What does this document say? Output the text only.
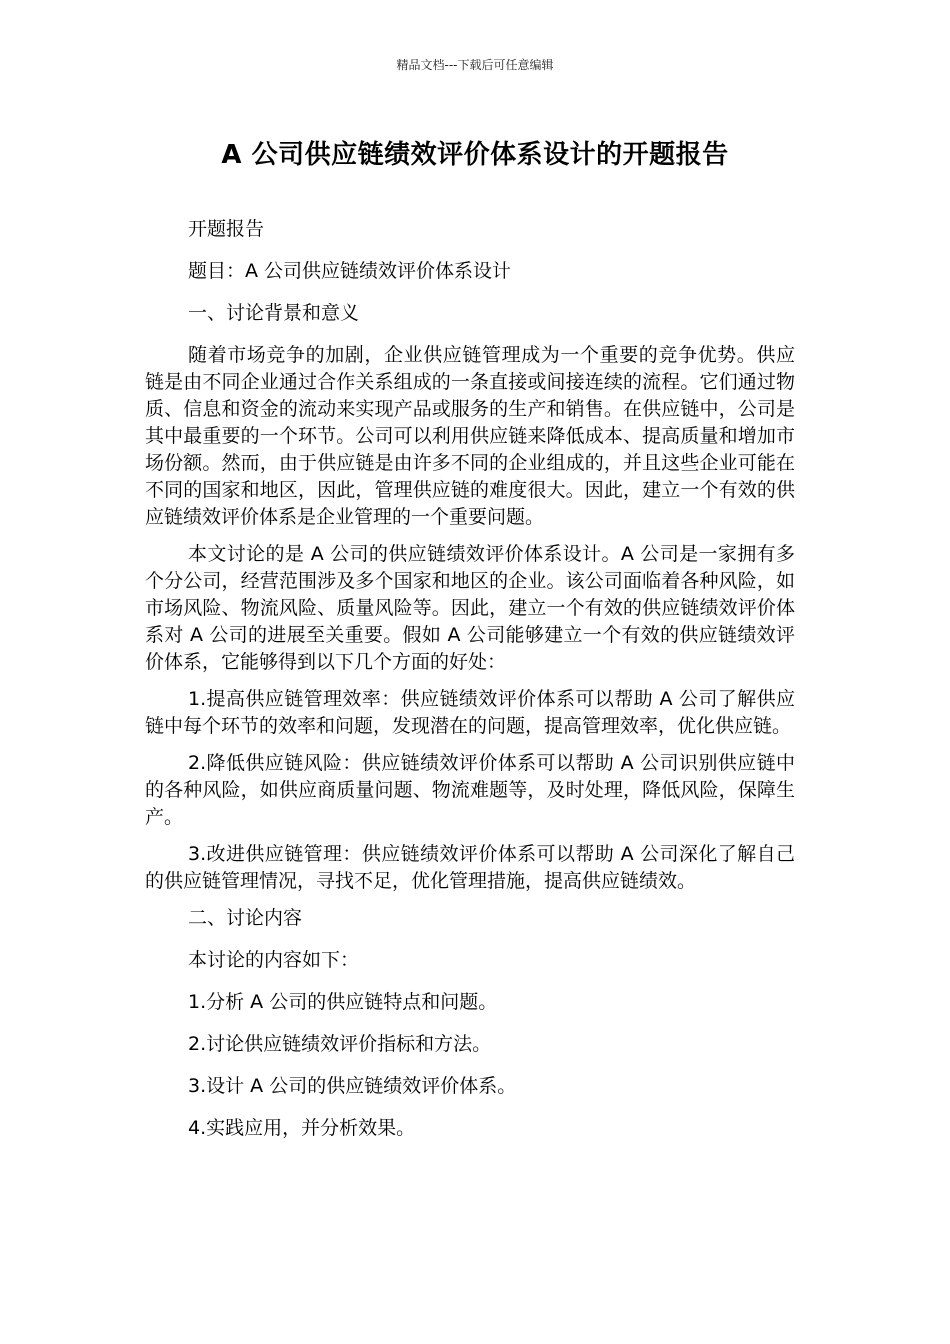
精品文档---下载后可任意编辑
A 公司供应链绩效评价体系设计的开题报告

开题报告

题目：A 公司供应链绩效评价体系设计

一、讨论背景和意义

随着市场竞争的加剧，企业供应链管理成为一个重要的竞争优势。供应链是由不同企业通过合作关系组成的一条直接或间接连续的流程。它们通过物质、信息和资金的流动来实现产品或服务的生产和销售。在供应链中，公司是其中最重要的一个环节。公司可以利用供应链来降低成本、提高质量和增加市场份额。然而，由于供应链是由许多不同的企业组成的，并且这些企业可能在不同的国家和地区，因此，管理供应链的难度很大。因此，建立一个有效的供应链绩效评价体系是企业管理的一个重要问题。

本文讨论的是 A 公司的供应链绩效评价体系设计。A 公司是一家拥有多个分公司，经营范围涉及多个国家和地区的企业。该公司面临着各种风险，如市场风险、物流风险、质量风险等。因此，建立一个有效的供应链绩效评价体系对 A 公司的进展至关重要。假如 A 公司能够建立一个有效的供应链绩效评价体系，它能够得到以下几个方面的好处：

1.提高供应链管理效率：供应链绩效评价体系可以帮助 A 公司了解供应链中每个环节的效率和问题，发现潜在的问题，提高管理效率，优化供应链。

2.降低供应链风险：供应链绩效评价体系可以帮助 A 公司识别供应链中的各种风险，如供应商质量问题、物流难题等，及时处理，降低风险，保障生产。

3.改进供应链管理：供应链绩效评价体系可以帮助 A 公司深化了解自己的供应链管理情况，寻找不足，优化管理措施，提高供应链绩效。

二、讨论内容

本讨论的内容如下：

1.分析 A 公司的供应链特点和问题。

2.讨论供应链绩效评价指标和方法。

3.设计 A 公司的供应链绩效评价体系。

4.实践应用，并分析效果。
